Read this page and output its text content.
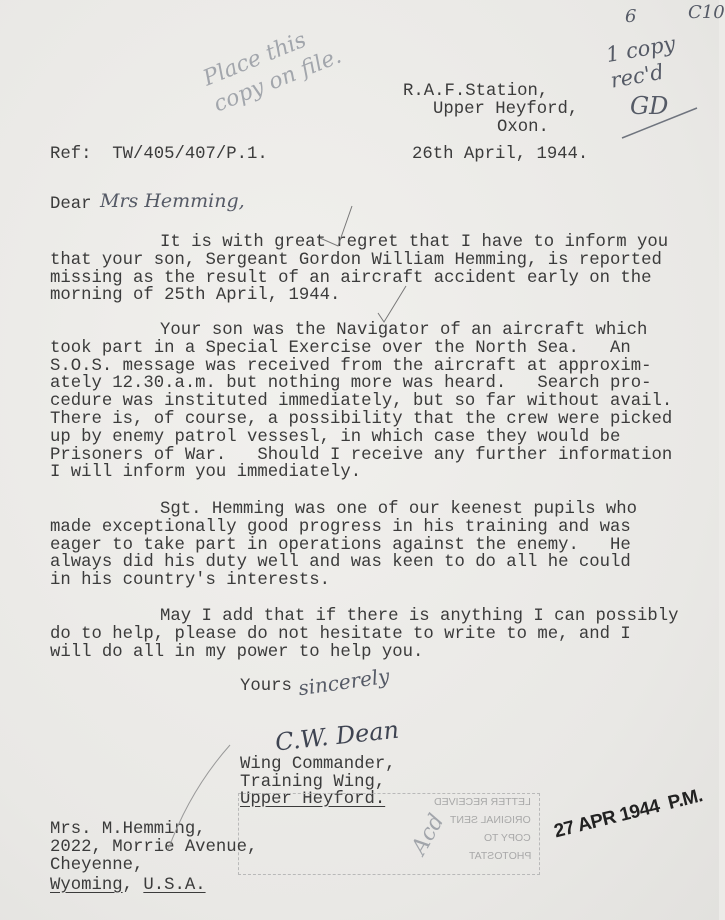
R.A.F.Station,
Upper Heyford,
Oxon.
Ref:  TW/405/407/P.1.	26th April, 1944.
Dear Mrs Hemming,
It is with great regret that I have to inform you
that your son, Sergeant Gordon William Hemming, is reported
missing as the result of an aircraft accident early on the
morning of 25th April, 1944.
Your son was the Navigator of an aircraft which
took part in a Special Exercise over the North Sea.   An
S.O.S. message was received from the aircraft at approxim-
ately 12.30.a.m. but nothing more was heard.   Search pro-
cedure was instituted immediately, but so far without avail.
There is, of course, a possibility that the crew were picked
up by enemy patrol vessesl, in which case they would be
Prisoners of War.   Should I receive any further information
I will inform you immediately.
Sgt. Hemming was one of our keenest pupils who
made exceptionally good progress in his training and was
eager to take part in operations against the enemy.   He
always did his duty well and was keen to do all he could
in his country's interests.
May I add that if there is anything I can possibly
do to help, please do not hesitate to write to me, and I
will do all in my power to help you.
Yours sincerely
C.W. Dean
Wing Commander,
Training Wing,
Upper Heyford.	LETTER RECEIVED
ORIGINAL SENT
COPY TO
PHOTOSTAT
Acd
Mrs. M.Hemming,
2022, Morrie Avenue,
Cheyenne,
Wyoming, U.S.A.
27 APR 1944  P.M.
Place this
copy on file.
6	C10
1 copy
rec'd
GD
